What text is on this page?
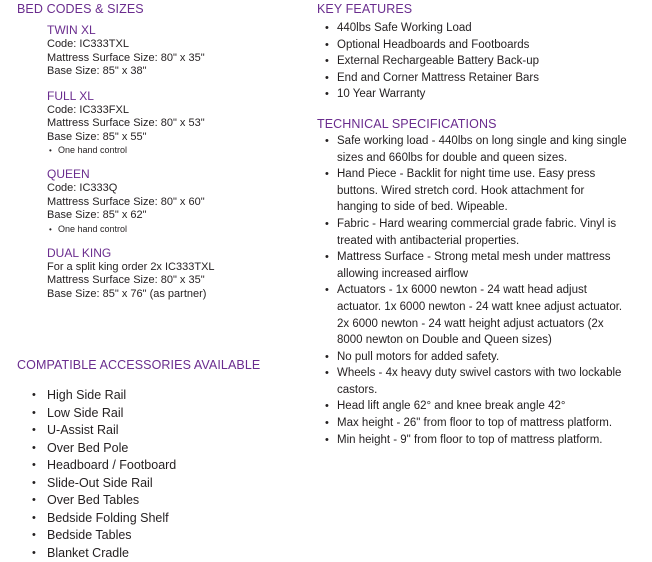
BED CODES & SIZES

TWIN XL

Code: IC333TXL

Mattress Surface Size: 80" x 35"

Base Size: 85" x 38"

FULL XL

Code: IC333FXL

Mattress Surface Size: 80" x 53"

Base Size: 85" x 55"

• One hand control

QUEEN

Code: IC333Q

Mattress Surface Size: 80" x 60"

Base Size: 85" x 62"

• One hand control

DUAL KING

For a split king order 2x IC333TXL

Mattress Surface Size: 80" x 35"

Base Size: 85" x 76" (as partner)

COMPATIBLE ACCESSORIES AVAILABLE
• High Side Rail
• Low Side Rail
• U-Assist Rail
• Over Bed Pole
• Headboard / Footboard
• Slide-Out Side Rail
• Over Bed Tables
• Bedside Folding Shelf
• Bedside Tables
• Blanket Cradle
KEY FEATURES
• 440lbs Safe Working Load
• Optional Headboards and Footboards
• External Rechargeable Battery Back-up
• End and Corner Mattress Retainer Bars
• 10 Year Warranty
TECHNICAL SPECIFICATIONS
• Safe working load - 440lbs on long single and king single sizes and 660lbs for double and queen sizes.
• Hand Piece - Backlit for night time use. Easy press buttons. Wired stretch cord. Hook attachment for hanging to side of bed. Wipeable.
• Fabric - Hard wearing commercial grade fabric. Vinyl is treated with antibacterial properties.
• Mattress Surface - Strong metal mesh under mattress allowing increased airflow
• Actuators - 1x 6000 newton - 24 watt head adjust actuator. 1x 6000 newton - 24 watt knee adjust actuator. 2x 6000 newton - 24 watt height adjust actuators (2x 8000 newton on Double and Queen sizes)
• No pull motors for added safety.
• Wheels - 4x heavy duty swivel castors with two lockable castors.
• Head lift angle 62° and knee break angle 42°
• Max height - 26" from floor to top of mattress platform.
• Min height - 9" from floor to top of mattress platform.
